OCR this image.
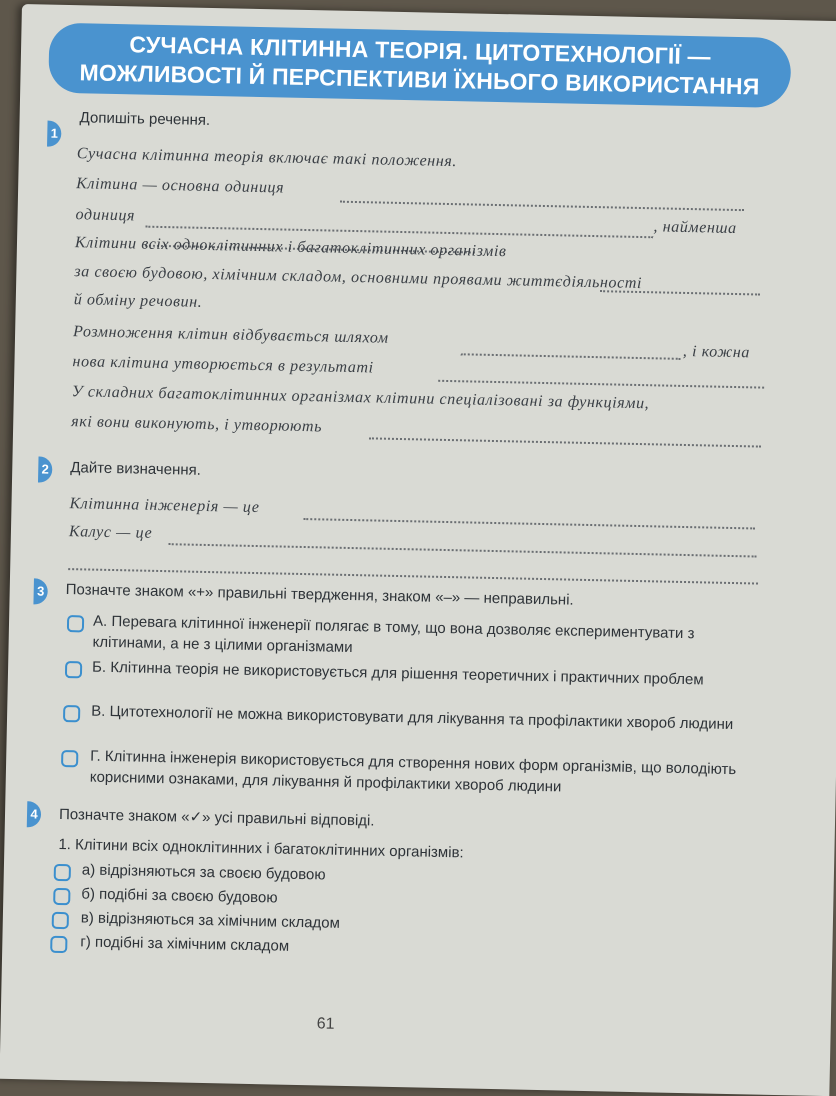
СУЧАСНА КЛІТИННА ТЕОРІЯ. ЦИТОТЕХНОЛОГІЇ —
МОЖЛИВОСТІ Й ПЕРСПЕКТИВИ ЇХНЬОГО ВИКОРИСТАННЯ
1
Допишіть речення.
Сучасна клітинна теорія включає такі положення.
Клітина — основна одиниця
одиниця
, найменша
Клітини всіх одноклітинних і багатоклітинних організмів
за своєю будовою, хімічним складом, основними проявами життєдіяльності
й обміну речовин.
Розмноження клітин відбувається шляхом
, і кожна
нова клітина утворюється в результаті
У складних багатоклітинних організмах клітини спеціалізовані за функціями,
які вони виконують, і утворюють
2 Дайте визначення.
Клітинна інженерія — це
Калус — це
3 Позначте знаком «+» правильні твердження, знаком «–» — неправильні.
А. Перевага клітинної інженерії полягає в тому, що вона дозволяє експериментувати з клітинами, а не з цілими організмами
Б. Клітинна теорія не використовується для рішення теоретичних і практичних проблем
В. Цитотехнології не можна використовувати для лікування та профілактики хвороб людини
Г. Клітинна інженерія використовується для створення нових форм організмів, що володіють корисними ознаками, для лікування й профілактики хвороб людини
4 Позначте знаком «✓» усі правильні відповіді.
1. Клітини всіх одноклітинних і багатоклітинних організмів:
а) відрізняються за своєю будовою
б) подібні за своєю будовою
в) відрізняються за хімічним складом
г) подібні за хімічним складом
61
